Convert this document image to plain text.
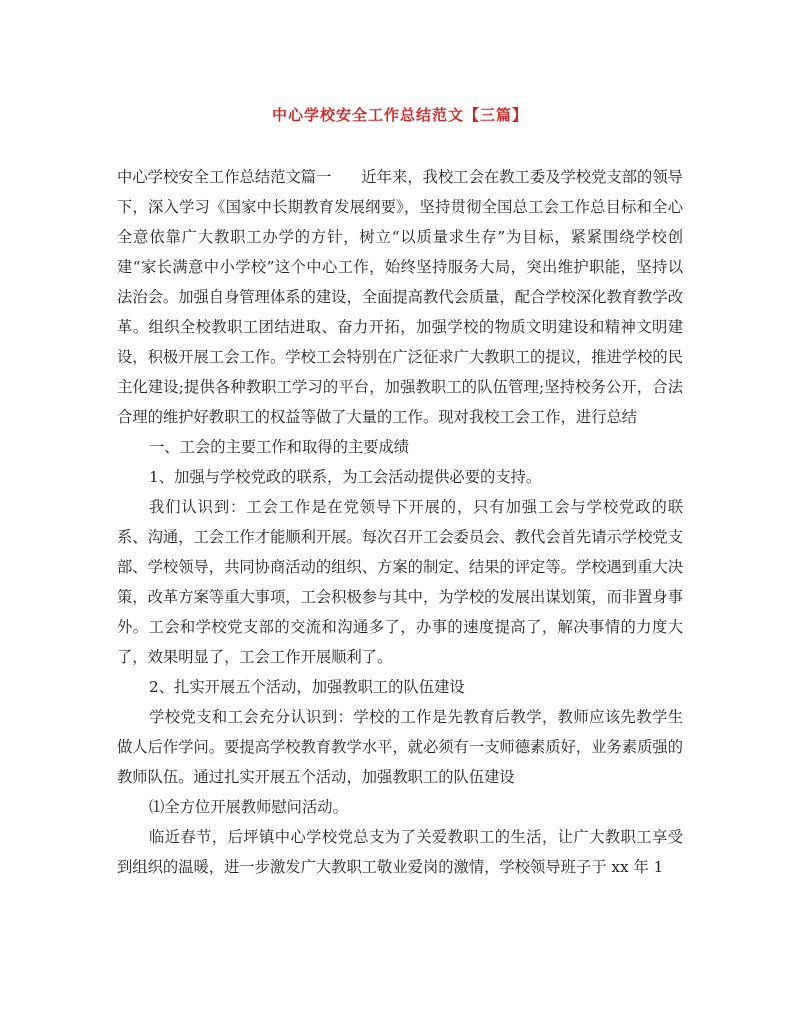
中心学校安全工作总结范文【三篇】

中心学校安全工作总结范文篇一 近年来，我校工会在教工委及学校党支部的领导下，深入学习《国家中长期教育发展纲要》，坚持贯彻全国总工会工作总目标和全心全意依靠广大教职工办学的方针，树立“以质量求生存”为目标，紧紧围绕学校创建“家长满意中小学校”这个中心工作，始终坚持服务大局，突出维护职能，坚持以法治会。加强自身管理体系的建设，全面提高教代会质量，配合学校深化教育教学改革。组织全校教职工团结进取、奋力开拓，加强学校的物质文明建设和精神文明建设，积极开展工会工作。学校工会特别在广泛征求广大教职工的提议，推进学校的民主化建设;提供各种教职工学习的平台，加强教职工的队伍管理;坚持校务公开，合法合理的维护好教职工的权益等做了大量的工作。现对我校工会工作，进行总结

一、工会的主要工作和取得的主要成绩

1、加强与学校党政的联系，为工会活动提供必要的支持。

我们认识到：工会工作是在党领导下开展的，只有加强工会与学校党政的联系、沟通，工会工作才能顺利开展。每次召开工会委员会、教代会首先请示学校党支部、学校领导，共同协商活动的组织、方案的制定、结果的评定等。学校遇到重大决策，改革方案等重大事项，工会积极参与其中，为学校的发展出谋划策，而非置身事外。工会和学校党支部的交流和沟通多了，办事的速度提高了，解决事情的力度大了，效果明显了，工会工作开展顺利了。

2、扎实开展五个活动，加强教职工的队伍建设

学校党支和工会充分认识到：学校的工作是先教育后教学，教师应该先教学生做人后作学问。要提高学校教育教学水平，就必须有一支师德素质好，业务素质强的教师队伍。通过扎实开展五个活动，加强教职工的队伍建设

⑴全方位开展教师慰问活动。

临近春节，后坪镇中心学校党总支为了关爱教职工的生活，让广大教职工享受到组织的温暖，进一步激发广大教职工敬业爱岗的激情，学校领导班子于 xx 年 1
